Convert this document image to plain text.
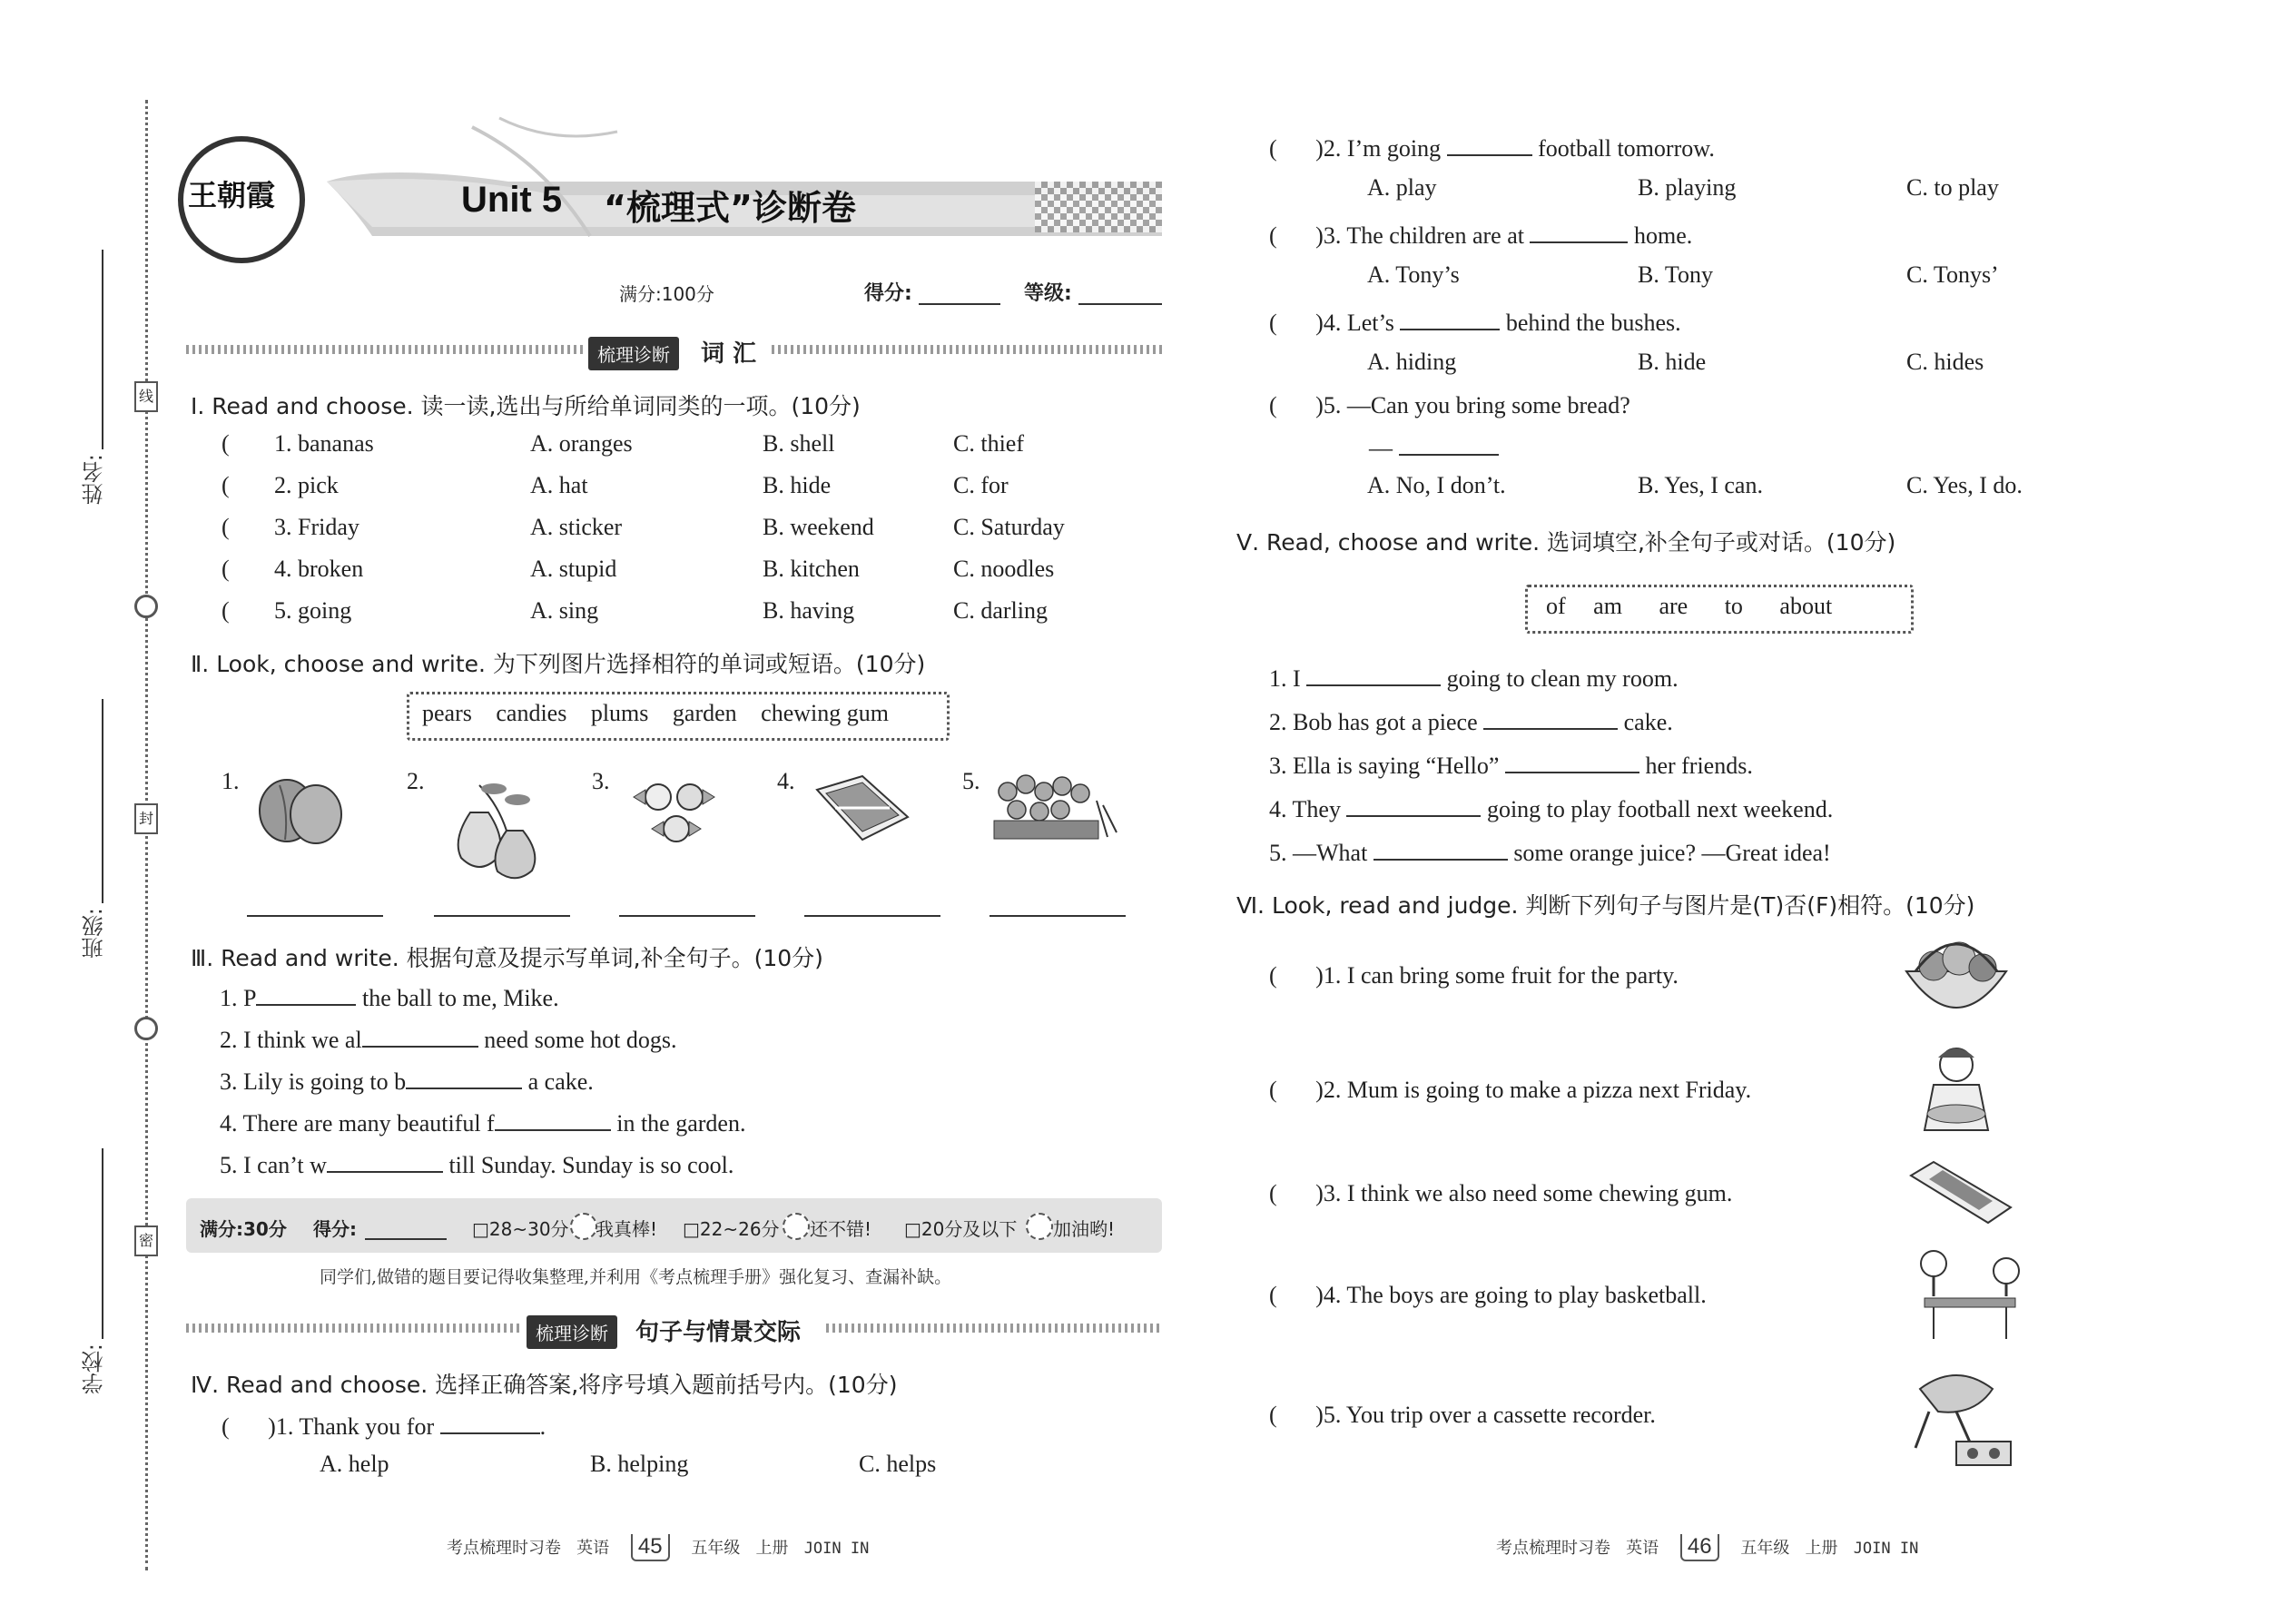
姓名:
班级:
学校:
线
封
密
王朝霞	Unit 5 “梳理式”诊断卷
满分:100分	得分:	等级:
梳理诊断	词 汇
Ⅰ. Read and choose. 读一读,选出与所给单词同类的一项。(10分)
( 1. bananas	A. oranges	B. shell	C. thief
( 2. pick	A. hat	B. hide	C. for
( 3. Friday	A. sticker	B. weekend	C. Saturday
( 4. broken	A. stupid	B. kitchen	C. noodles
( 5. going	A. sing	B. having	C. darling
Ⅱ. Look, choose and write. 为下列图片选择相符的单词或短语。(10分)
pears candies plums garden chewing gum
1.	2.	3.	4.	5.
Ⅲ. Read and write. 根据句意及提示写单词,补全句子。(10分)
1. P	the ball to me, Mike.
2. I think we al	need some hot dogs.
3. Lily is going to b	a cake.
4. There are many beautiful f	in the garden.
5. I can’t w	till Sunday. Sunday is so cool.
满分:30分 得分:	□28~30分 我真棒! □22~26分 还不错! □20分及以下 加油哟!
同学们,做错的题目要记得收集整理,并利用《考点梳理手册》强化复习、查漏补缺。
梳理诊断	句子与情景交际
Ⅳ. Read and choose. 选择正确答案,将序号填入题前括号内。(10分)
( )1. Thank you for	.
A. help	B. helping	C. helps
考点梳理时习卷 英语 45 五年级 上册 JOIN IN
( )2. I’m going	football tomorrow.
A. play	B. playing	C. to play
( )3. The children are at	home.
A. Tony’s	B. Tony	C. Tonys’
( )4. Let’s	behind the bushes.
A. hiding	B. hide	C. hides
( )5. —Can you bring some bread?
—
A. No, I don’t.	B. Yes, I can.	C. Yes, I do.
Ⅴ. Read, choose and write. 选词填空,补全句子或对话。(10分)
of am are to about
1. I	going to clean my room.
2. Bob has got a piece	cake.
3. Ella is saying “Hello”	her friends.
4. They	going to play football next weekend.
5. —What	some orange juice? —Great idea!
Ⅵ. Look, read and judge. 判断下列句子与图片是(T)否(F)相符。(10分)
( )1. I can bring some fruit for the party.
( )2. Mum is going to make a pizza next Friday.
( )3. I think we also need some chewing gum.
( )4. The boys are going to play basketball.
( )5. You trip over a cassette recorder.
考点梳理时习卷 英语 46 五年级 上册 JOIN IN
